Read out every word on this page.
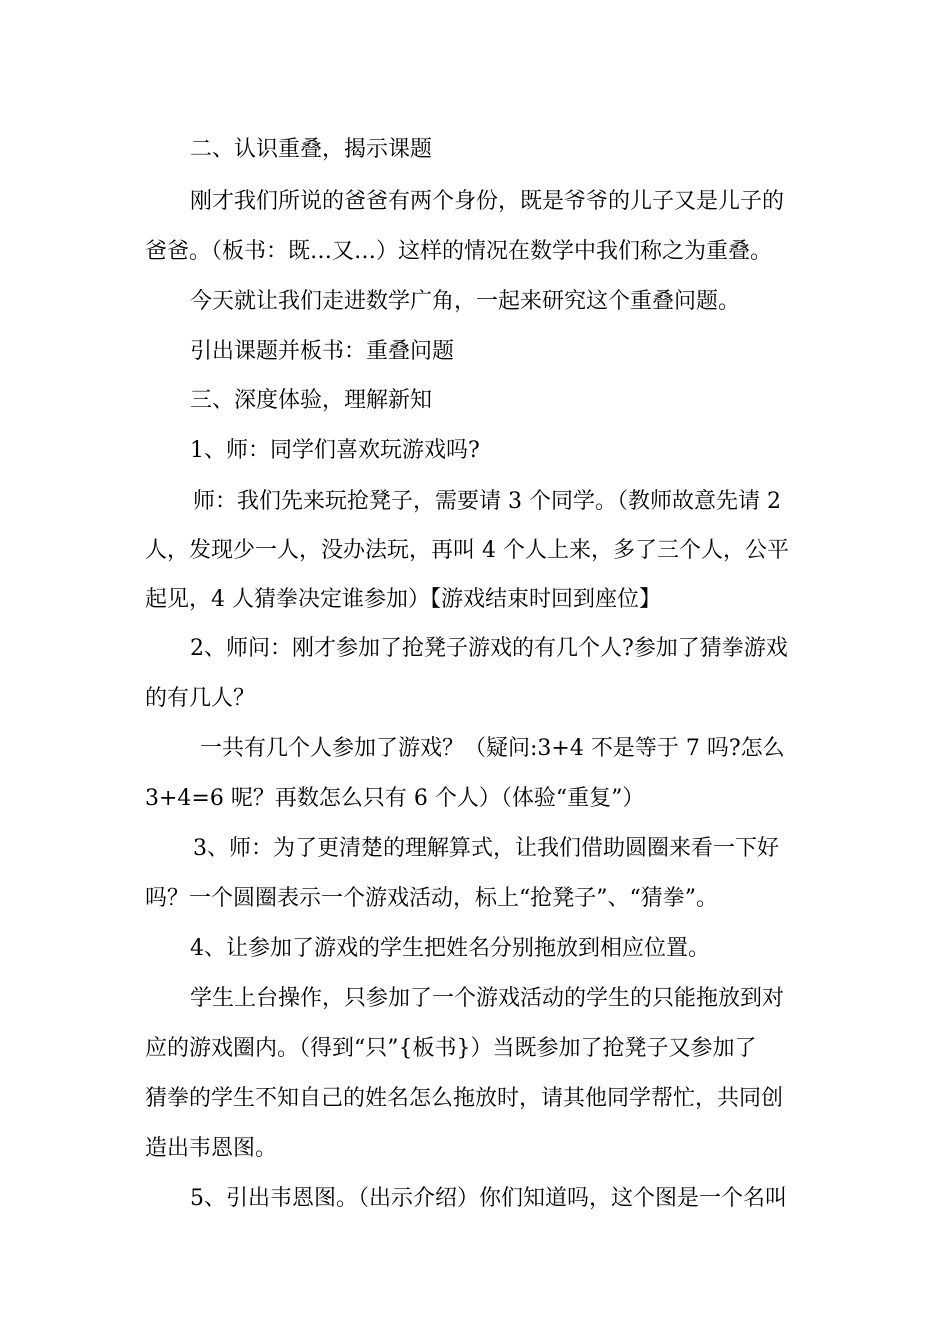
二、认识重叠，揭示课题
刚才我们所说的爸爸有两个身份，既是爷爷的儿子又是儿子的
爸爸。（板书：既…又…）这样的情况在数学中我们称之为重叠。
今天就让我们走进数学广角，一起来研究这个重叠问题。
引出课题并板书：重叠问题
三、深度体验，理解新知
1、师：同学们喜欢玩游戏吗?
师：我们先来玩抢凳子，需要请 3 个同学。（教师故意先请 2
人，发现少一人，没办法玩，再叫 4 个人上来，多了三个人，公平
起见，4 人猜拳决定谁参加）【游戏结束时回到座位】
2、师问：刚才参加了抢凳子游戏的有几个人?参加了猜拳游戏
的有几人？
一共有几个人参加了游戏？（疑问:3+4 不是等于 7 吗?怎么
3+4=6 呢？再数怎么只有 6 个人）（体验“重复”）
3、师：为了更清楚的理解算式，让我们借助圆圈来看一下好
吗？一个圆圈表示一个游戏活动，标上“抢凳子”、“猜拳”。
4、让参加了游戏的学生把姓名分别拖放到相应位置。
学生上台操作，只参加了一个游戏活动的学生的只能拖放到对
应的游戏圈内。（得到“只”{板书}）当既参加了抢凳子又参加了
猜拳的学生不知自己的姓名怎么拖放时，请其他同学帮忙，共同创
造出韦恩图。
5、引出韦恩图。（出示介绍）你们知道吗，这个图是一个名叫
